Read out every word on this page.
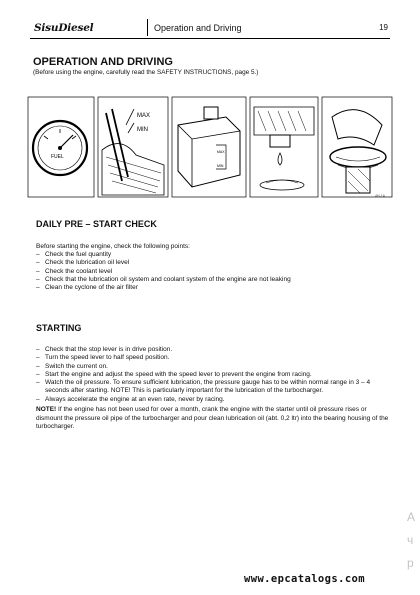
SisuDiesel	Operation and Driving	19
OPERATION AND DRIVING
(Before using the engine, carefully read the SAFETY INSTRUCTIONS, page 5.)
FUEL
MAX
MIN
MAX
MIN
4H-1A
DAILY PRE – START CHECK
Before starting the engine, check the following points:
– Check the fuel quantity
– Check the lubrication oil level
– Check the coolant level
– Check that the lubrication oil system and coolant system of the engine are not leaking
– Clean the cyclone of the air filter
STARTING
– Check that the stop lever is in drive position.
– Turn the speed lever to half speed position.
– Switch the current on.
– Start the engine and adjust the speed with the speed lever to prevent the engine from racing.
– Watch the oil pressure. To ensure sufficient lubrication, the pressure gauge has to be within normal range in 3 – 4 seconds after starting. NOTE! This is particularly important for the lubrication of the turbocharger.
– Always accelerate the engine at an even rate, never by racing.
NOTE! If the engine has not been used for over a month, crank the engine with the starter until oil pressure rises or dismount the pressure oil pipe of the turbocharger and pour clean lubrication oil (abt. 0,2 ltr) into the bearing housing of the turbocharger.
www.epcatalogs.com
A
ч
p
